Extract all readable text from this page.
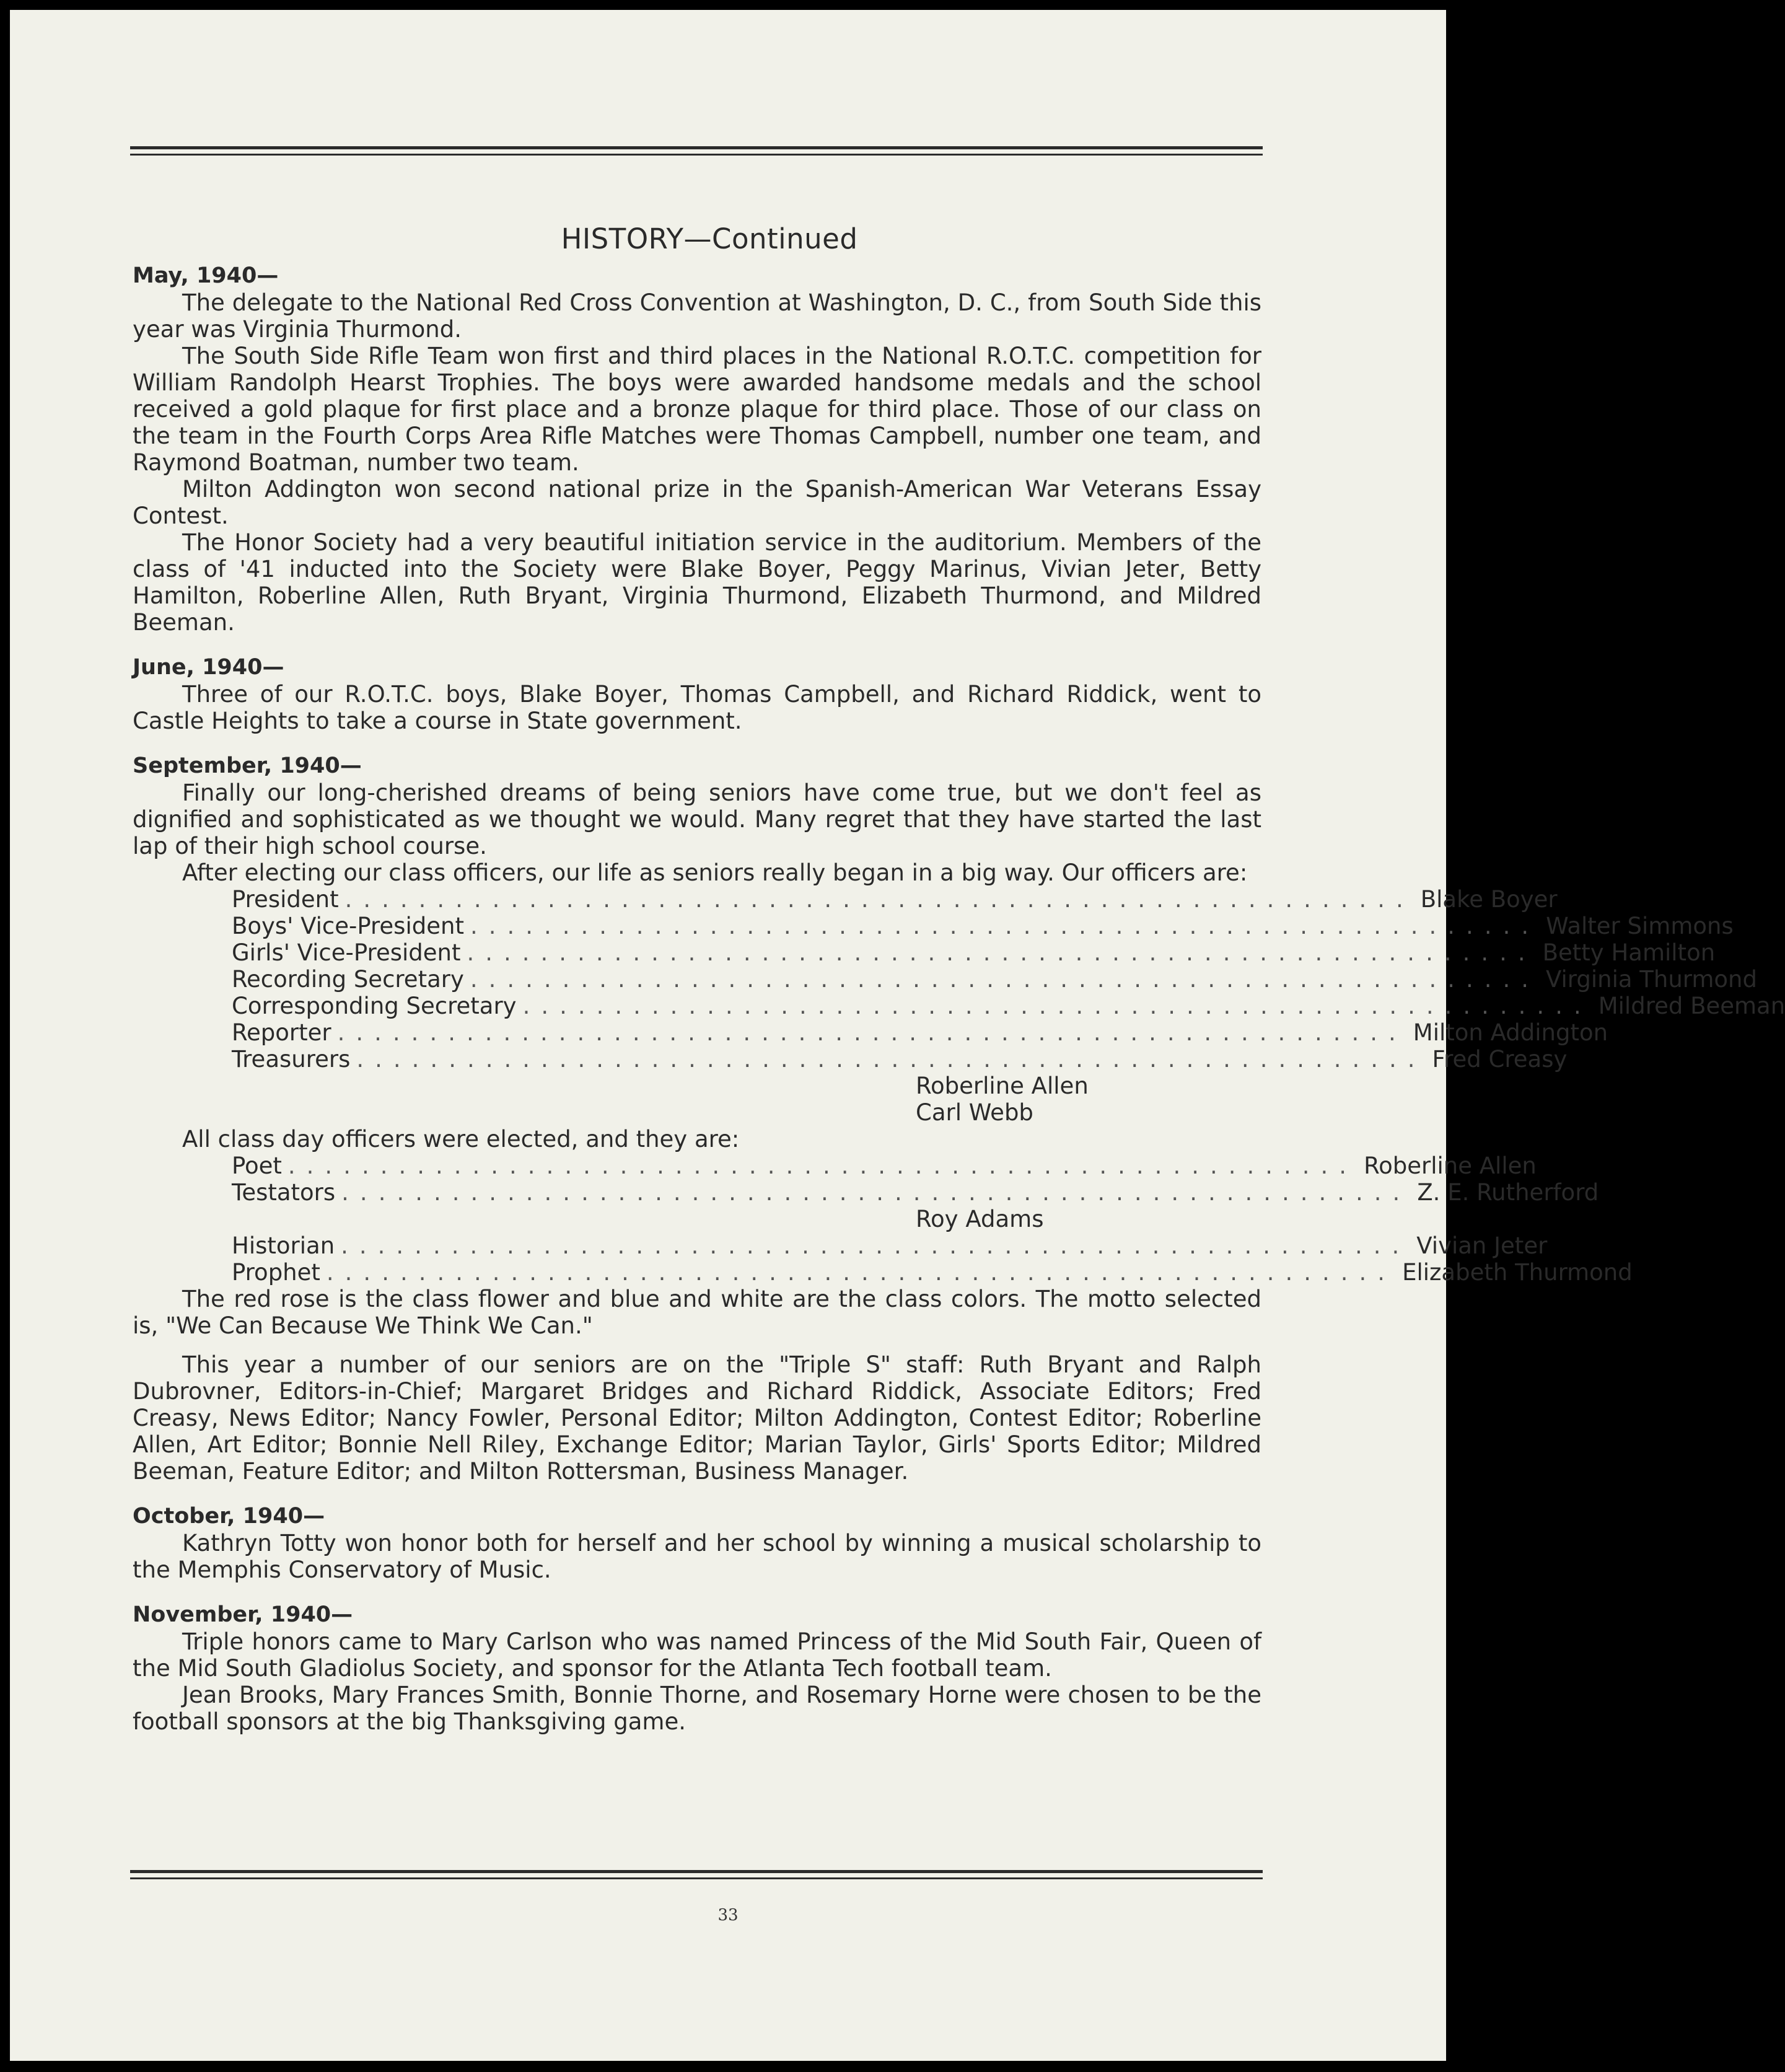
HISTORY—Continued
May, 1940—

The delegate to the National Red Cross Convention at Washington, D. C., from South Side this year was Virginia Thurmond.

The South Side Rifle Team won first and third places in the National R.O.T.C. competition for William Randolph Hearst Trophies. The boys were awarded handsome medals and the school received a gold plaque for first place and a bronze plaque for third place. Those of our class on the team in the Fourth Corps Area Rifle Matches were Thomas Campbell, number one team, and Raymond Boatman, number two team.

Milton Addington won second national prize in the Spanish-American War Veterans Essay Contest.

The Honor Society had a very beautiful initiation service in the auditorium. Members of the class of '41 inducted into the Society were Blake Boyer, Peggy Marinus, Vivian Jeter, Betty Hamilton, Roberline Allen, Ruth Bryant, Virginia Thurmond, Elizabeth Thurmond, and Mildred Beeman.

June, 1940—

Three of our R.O.T.C. boys, Blake Boyer, Thomas Campbell, and Richard Riddick, went to Castle Heights to take a course in State government.

September, 1940—

Finally our long-cherished dreams of being seniors have come true, but we don't feel as dignified and sophisticated as we thought we would. Many regret that they have started the last lap of their high school course.

After electing our class officers, our life as seniors really began in a big way. Our officers are:

President .......................................................... Blake Boyer
Boys' Vice-President .......................................................... Walter Simmons
Girls' Vice-President .......................................................... Betty Hamilton
Recording Secretary .......................................................... Virginia Thurmond
Corresponding Secretary .......................................................... Mildred Beeman
Reporter .......................................................... Milton Addington
Treasurers .......................................................... Fred Creasy
Roberline Allen
Carl Webb

All class day officers were elected, and they are:

Poet .......................................................... Roberline Allen
Testators .......................................................... Z. E. Rutherford
Roy Adams
Historian .......................................................... Vivian Jeter
Prophet .......................................................... Elizabeth Thurmond

The red rose is the class flower and blue and white are the class colors. The motto selected is, "We Can Because We Think We Can."

This year a number of our seniors are on the "Triple S" staff: Ruth Bryant and Ralph Dubrovner, Editors-in-Chief; Margaret Bridges and Richard Riddick, Associate Editors; Fred Creasy, News Editor; Nancy Fowler, Personal Editor; Milton Addington, Contest Editor; Roberline Allen, Art Editor; Bonnie Nell Riley, Exchange Editor; Marian Taylor, Girls' Sports Editor; Mildred Beeman, Feature Editor; and Milton Rottersman, Business Manager.

October, 1940—

Kathryn Totty won honor both for herself and her school by winning a musical scholarship to the Memphis Conservatory of Music.

November, 1940—

Triple honors came to Mary Carlson who was named Princess of the Mid South Fair, Queen of the Mid South Gladiolus Society, and sponsor for the Atlanta Tech football team.

Jean Brooks, Mary Frances Smith, Bonnie Thorne, and Rosemary Horne were chosen to be the football sponsors at the big Thanksgiving game.

33
